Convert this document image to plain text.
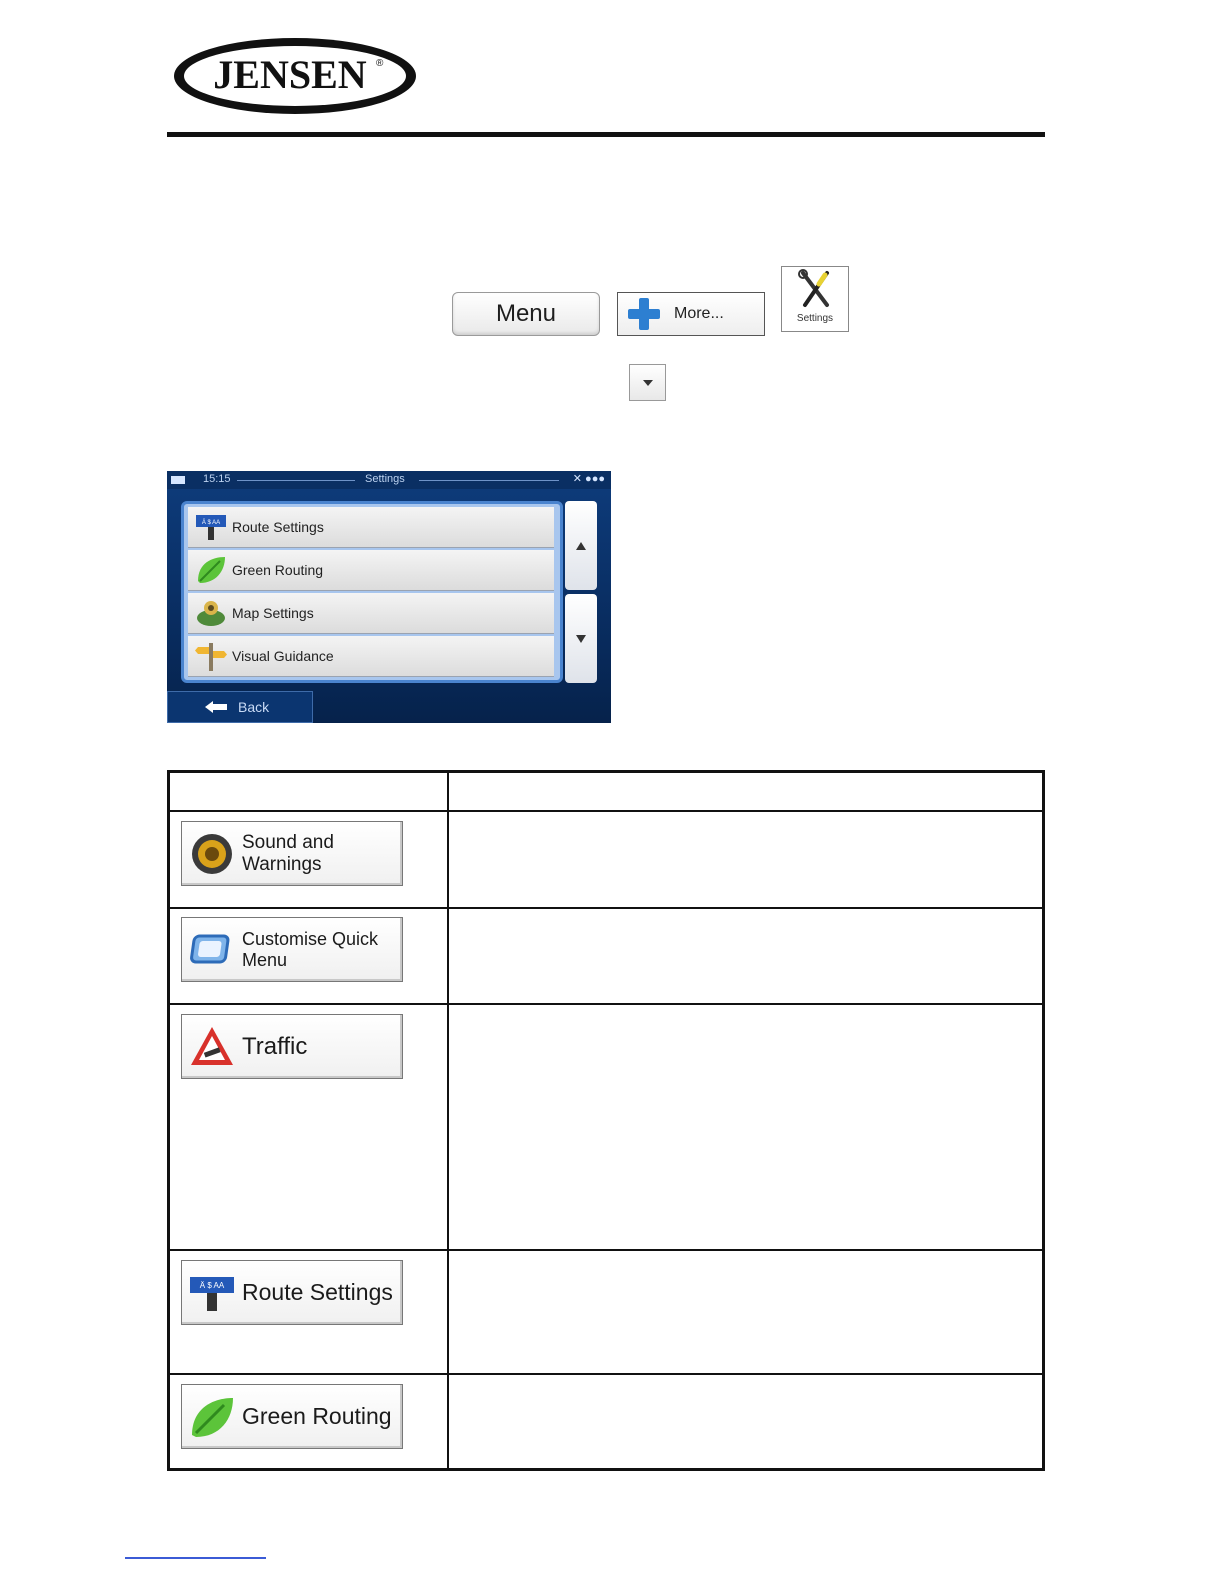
JENSEN ®
Menu	More...	Settings
15:15	Settings	✕ ●●●
Ä $ AA Route Settings
Green Routing
Map Settings
Visual Guidance
Back
Sound and Warnings
Customise Quick Menu
Traffic
Ä $ AA Route Settings
Green Routing
